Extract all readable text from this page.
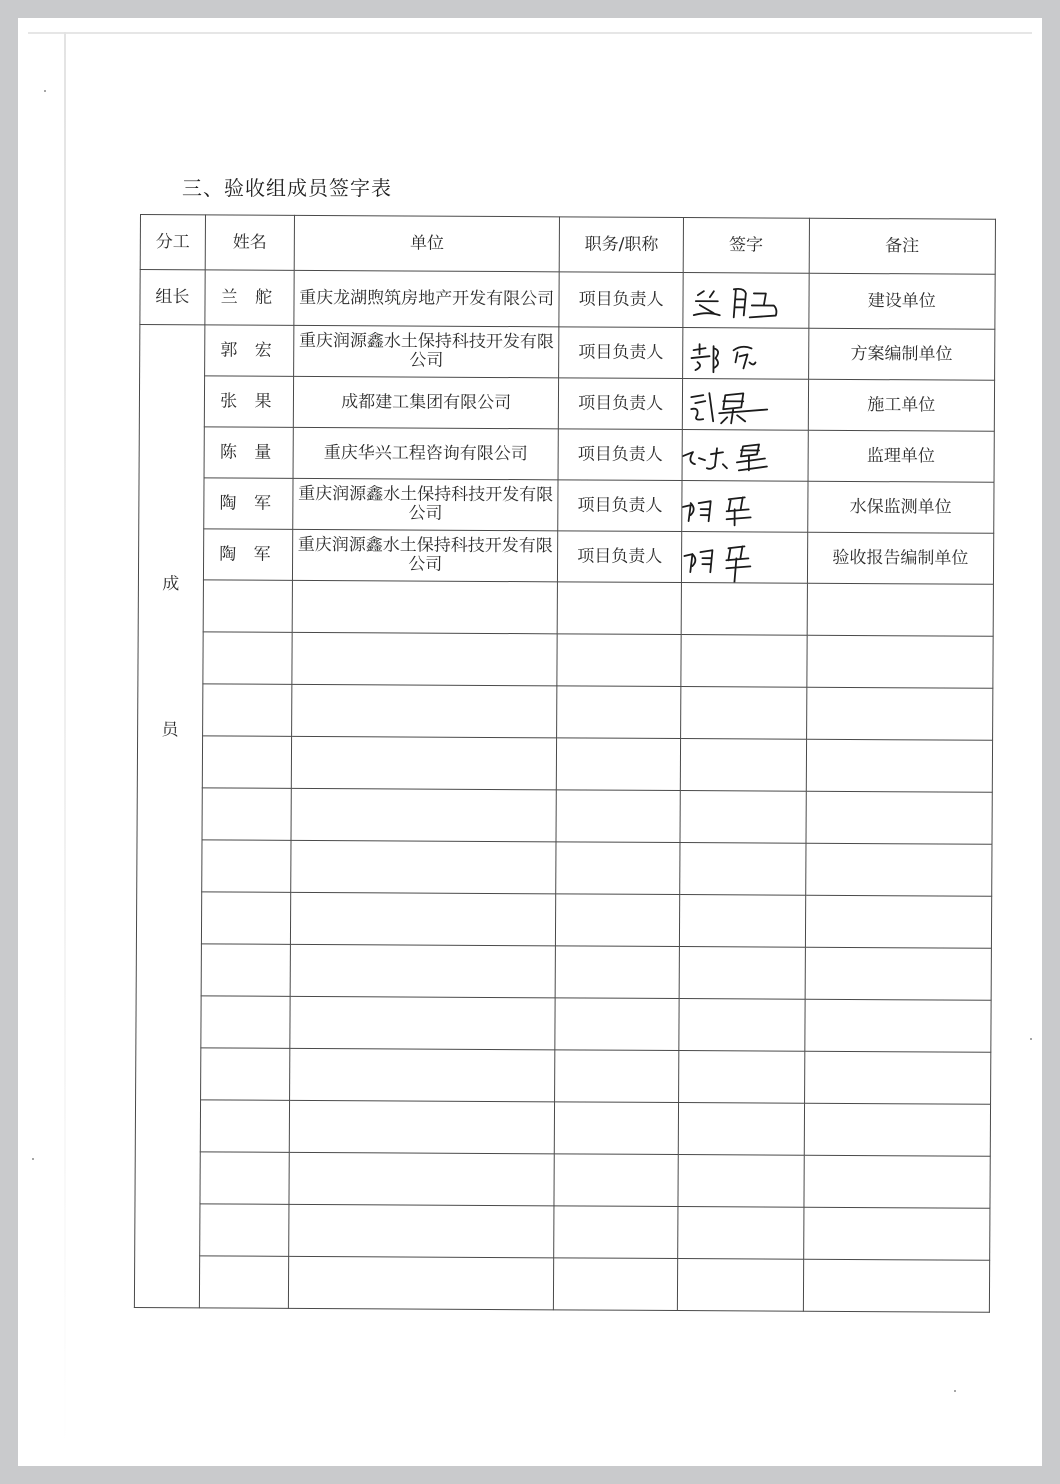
三、验收组成员签字表
分工	姓名	单位	职务/职称	签字	备注
组长	兰 舵	重庆龙湖煦筑房地产开发有限公司	项目负责人		建设单位

成
员	郭 宏	重庆润源鑫水土保持科技开发有限公司	项目负责人		方案编制单位
	张 果	成都建工集团有限公司	项目负责人		施工单位
	陈 量	重庆华兴工程咨询有限公司	项目负责人		监理单位
	陶 军	重庆润源鑫水土保持科技开发有限公司	项目负责人		水保监测单位
	陶 军	重庆润源鑫水土保持科技开发有限公司	项目负责人		验收报告编制单位
